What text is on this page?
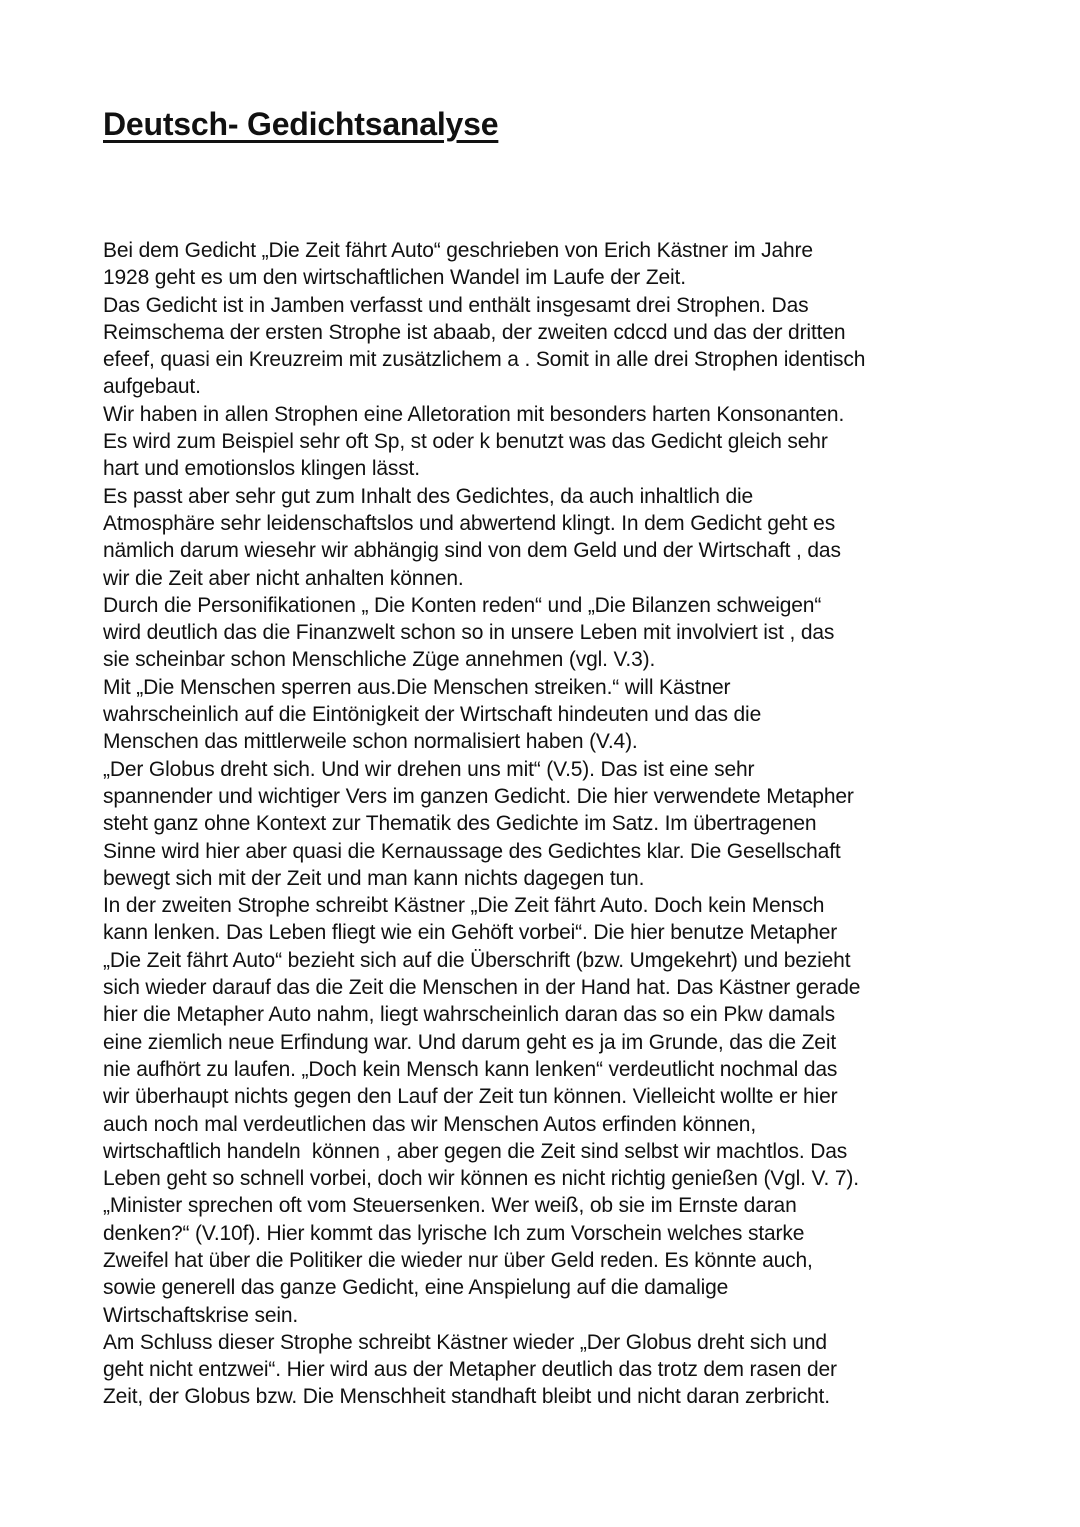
Deutsch- Gedichtsanalyse
Bei dem Gedicht „Die Zeit fährt Auto“ geschrieben von Erich Kästner im Jahre
1928 geht es um den wirtschaftlichen Wandel im Laufe der Zeit.
Das Gedicht ist in Jamben verfasst und enthält insgesamt drei Strophen. Das
Reimschema der ersten Strophe ist abaab, der zweiten cdccd und das der dritten
efeef, quasi ein Kreuzreim mit zusätzlichem a . Somit in alle drei Strophen identisch
aufgebaut.
Wir haben in allen Strophen eine Alletoration mit besonders harten Konsonanten.
Es wird zum Beispiel sehr oft Sp, st oder k benutzt was das Gedicht gleich sehr
hart und emotionslos klingen lässt.
Es passt aber sehr gut zum Inhalt des Gedichtes, da auch inhaltlich die
Atmosphäre sehr leidenschaftslos und abwertend klingt. In dem Gedicht geht es
nämlich darum wiesehr wir abhängig sind von dem Geld und der Wirtschaft , das
wir die Zeit aber nicht anhalten können.
Durch die Personifikationen „ Die Konten reden“ und „Die Bilanzen schweigen“
wird deutlich das die Finanzwelt schon so in unsere Leben mit involviert ist , das
sie scheinbar schon Menschliche Züge annehmen (vgl. V.3).
Mit „Die Menschen sperren aus.Die Menschen streiken.“ will Kästner
wahrscheinlich auf die Eintönigkeit der Wirtschaft hindeuten und das die
Menschen das mittlerweile schon normalisiert haben (V.4).
„Der Globus dreht sich. Und wir drehen uns mit“ (V.5). Das ist eine sehr
spannender und wichtiger Vers im ganzen Gedicht. Die hier verwendete Metapher
steht ganz ohne Kontext zur Thematik des Gedichte im Satz. Im übertragenen
Sinne wird hier aber quasi die Kernaussage des Gedichtes klar. Die Gesellschaft
bewegt sich mit der Zeit und man kann nichts dagegen tun.
In der zweiten Strophe schreibt Kästner „Die Zeit fährt Auto. Doch kein Mensch
kann lenken. Das Leben fliegt wie ein Gehöft vorbei“. Die hier benutze Metapher
„Die Zeit fährt Auto“ bezieht sich auf die Überschrift (bzw. Umgekehrt) und bezieht
sich wieder darauf das die Zeit die Menschen in der Hand hat. Das Kästner gerade
hier die Metapher Auto nahm, liegt wahrscheinlich daran das so ein Pkw damals
eine ziemlich neue Erfindung war. Und darum geht es ja im Grunde, das die Zeit
nie aufhört zu laufen. „Doch kein Mensch kann lenken“ verdeutlicht nochmal das
wir überhaupt nichts gegen den Lauf der Zeit tun können. Vielleicht wollte er hier
auch noch mal verdeutlichen das wir Menschen Autos erfinden können,
wirtschaftlich handeln  können , aber gegen die Zeit sind selbst wir machtlos. Das
Leben geht so schnell vorbei, doch wir können es nicht richtig genießen (Vgl. V. 7).
„Minister sprechen oft vom Steuersenken. Wer weiß, ob sie im Ernste daran
denken?“ (V.10f). Hier kommt das lyrische Ich zum Vorschein welches starke
Zweifel hat über die Politiker die wieder nur über Geld reden. Es könnte auch,
sowie generell das ganze Gedicht, eine Anspielung auf die damalige
Wirtschaftskrise sein.
Am Schluss dieser Strophe schreibt Kästner wieder „Der Globus dreht sich und
geht nicht entzwei“. Hier wird aus der Metapher deutlich das trotz dem rasen der
Zeit, der Globus bzw. Die Menschheit standhaft bleibt und nicht daran zerbricht.
